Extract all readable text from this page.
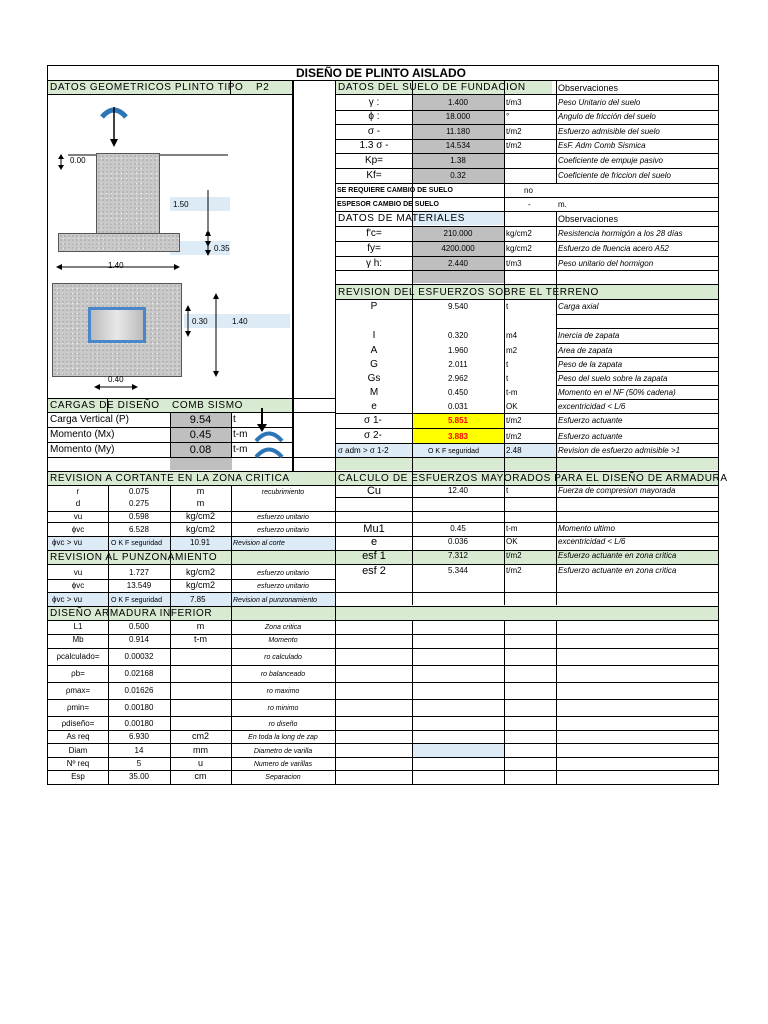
DISEÑO DE PLINTO AISLADO
DATOS GEOMETRICOS PLINTO TIPO P2
0.00
1.50
0.35
1.40
0.30	1.40
0.40
DATOS DEL SUELO DE FUNDACION	Observaciones
γ :	1.400	t/m3	Peso Unitario del suelo
ϕ :	18.000	°	Angulo de fricción del suelo
σ -	11.180	t/m2	Esfuerzo admisible del suelo
1.3 σ -	14.534	t/m2	EsF. Adm Comb Sismica
Kp=	1.38	Coeficiente de empuje pasivo
Kf=	0.32	Coeficiente de friccion del suelo
SE REQUIERE CAMBIO DE SUELO	no
ESPESOR CAMBIO DE SUELO	-	m.
DATOS DE MATERIALES	Observaciones
f'c=	210.000	kg/cm2	Resistencia hormigón a los 28 días
fy=	4200.000	kg/cm2	Esfuerzo de fluencia acero A52
γ h:	2.440	t/m3	Peso unitario del hormigon
REVISION DEL ESFUERZOS SOBRE EL TERRENO
P	9.540	t	Carga axial
I	0.320	m4	Inercia de zapata
A	1.960	m2	Area de zapata
G	2.011	t	Peso de la zapata
Gs	2.962	t	Peso del suelo sobre la zapata
M	0.450	t-m	Momento en el NF (50% cadena)
e	0.031	OK	excentricidad < L/6
σ 1-	5.851	t/m2	Esfuerzo actuante
σ 2-	3.883	t/m2	Esfuerzo actuante
σ adm > σ 1-2	O K F seguridad	2.48	Revision de esfuerzo admisible >1
CARGAS DE DISEÑO COMB SISMO
Carga Vertical (P)	9.54	t
Momento (Mx)	0.45	t-m
Momento (My)	0.08	t-m
REVISION A CORTANTE EN LA ZONA CRITICA
r	0.075	m	recubrimiento
d	0.275	m
vu	0.598	kg/cm2	esfuerzo unitario
ϕvc	6.528	kg/cm2	esfuerzo unitario
ϕvc > vu	O K F seguridad	10.91	Revision al corte
REVISION AL PUNZONAMIENTO
vu	1.727	kg/cm2	esfuerzo unitario
ϕvc	13.549	kg/cm2	esfuerzo unitario
ϕvc > vu	O K F seguridad	7.85	Revision al punzonamiento
CALCULO DE ESFUERZOS MAYORADOS PARA EL DISEÑO DE ARMADURA
Cu	12.40	t	Fuerza de compresion mayorada
Mu1	0.45	t-m	Momento ultimo
e	0.036	OK	excentricidad < L/6
esf 1	7.312	t/m2	Esfuerzo actuante en zona critica
esf 2	5.344	t/m2	Esfuerzo actuante en zona critica
DISEÑO ARMADURA INFERIOR
L1	0.500	m	Zona critica
Mb	0.914	t-m	Momento
ρcalculado=	0.00032	ro calculado
ρb=	0.02168	ro balanceado
ρmax=	0.01626	ro maximo
ρmin=	0.00180	ro minimo
ρdiseño=	0.00180	ro diseño
As req	6.930	cm2	En toda la long de zap
Diam	14	mm	Diametro de varilla
Nº req	5	u	Numero de varillas
Esp	35.00	cm	Separacion
